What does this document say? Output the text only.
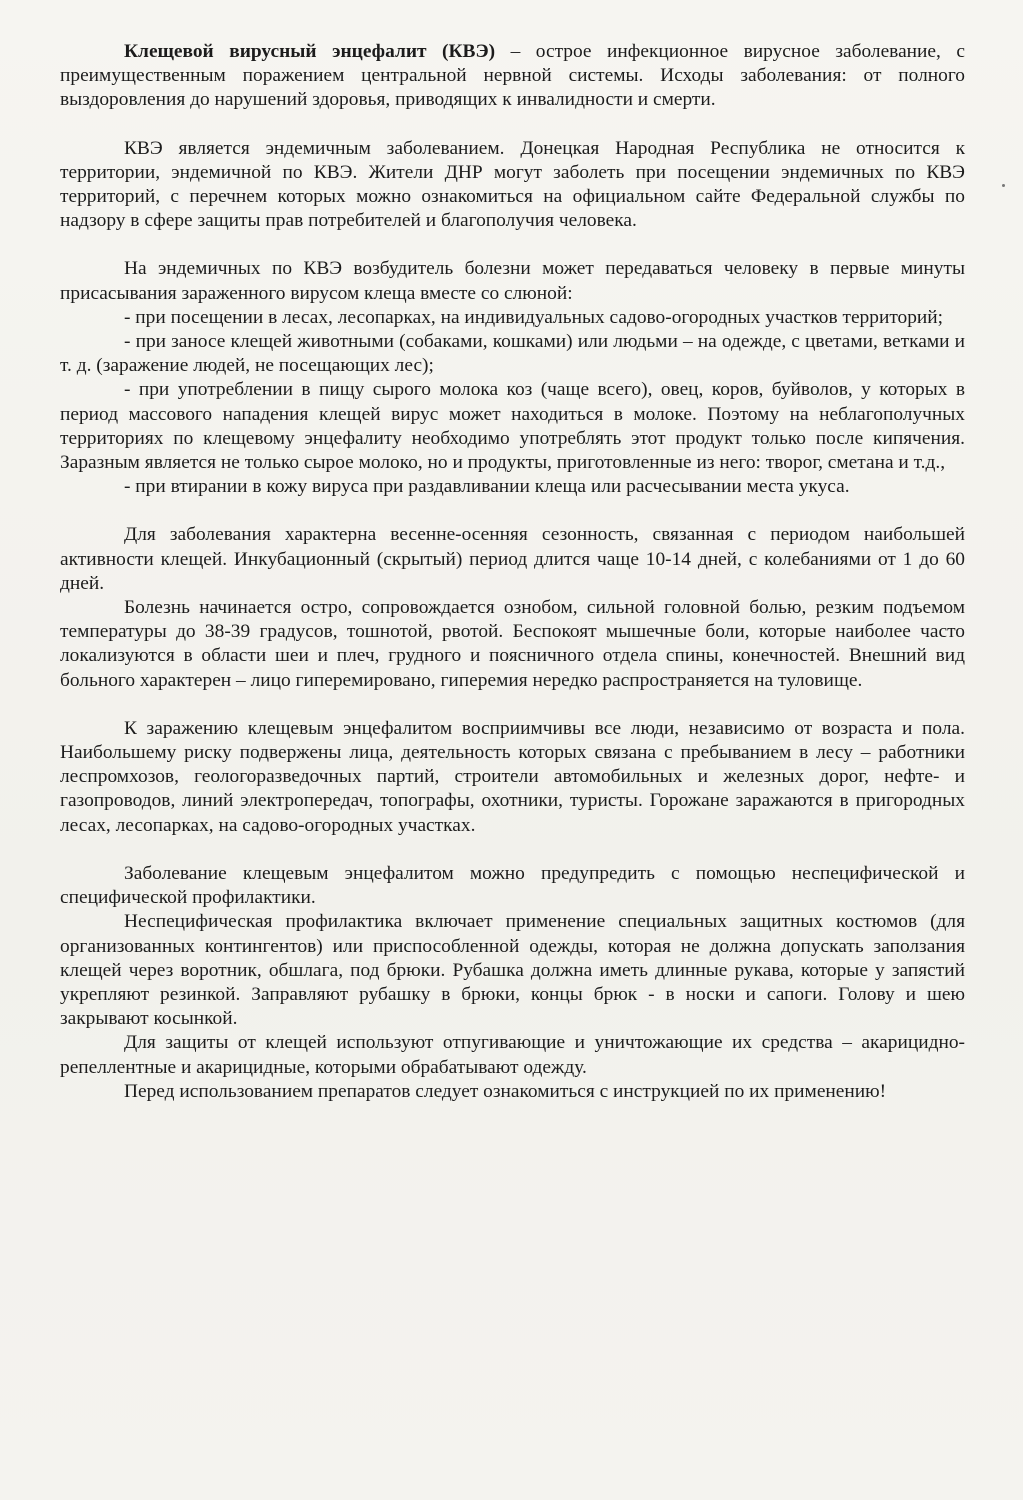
Клещевой вирусный энцефалит (КВЭ) – острое инфекционное вирусное заболевание, с преимущественным поражением центральной нервной системы. Исходы заболевания: от полного выздоровления до нарушений здоровья, приводящих к инвалидности и смерти.

КВЭ является эндемичным заболеванием. Донецкая Народная Республика не относится к территории, эндемичной по КВЭ. Жители ДНР могут заболеть при посещении эндемичных по КВЭ территорий, с перечнем которых можно ознакомиться на официальном сайте Федеральной службы по надзору в сфере защиты прав потребителей и благополучия человека.

На эндемичных по КВЭ возбудитель болезни может передаваться человеку в первые минуты присасывания зараженного вирусом клеща вместе со слюной:

- при посещении в лесах, лесопарках, на индивидуальных садово-огородных участков территорий;

- при заносе клещей животными (собаками, кошками) или людьми – на одежде, с цветами, ветками и т. д. (заражение людей, не посещающих лес);

- при употреблении в пищу сырого молока коз (чаще всего), овец, коров, буйволов, у которых в период массового нападения клещей вирус может находиться в молоке. Поэтому на неблагополучных территориях по клещевому энцефалиту необходимо употреблять этот продукт только после кипячения. Заразным является не только сырое молоко, но и продукты, приготовленные из него: творог, сметана и т.д.,

- при втирании в кожу вируса при раздавливании клеща или расчесывании места укуса.

Для заболевания характерна весенне-осенняя сезонность, связанная с периодом наибольшей активности клещей. Инкубационный (скрытый) период длится чаще 10-14 дней, с колебаниями от 1 до 60 дней.

Болезнь начинается остро, сопровождается ознобом, сильной головной болью, резким подъемом температуры до 38-39 градусов, тошнотой, рвотой. Беспокоят мышечные боли, которые наиболее часто локализуются в области шеи и плеч, грудного и поясничного отдела спины, конечностей. Внешний вид больного характерен – лицо гиперемировано, гиперемия нередко распространяется на туловище.

К заражению клещевым энцефалитом восприимчивы все люди, независимо от возраста и пола. Наибольшему риску подвержены лица, деятельность которых связана с пребыванием в лесу – работники леспромхозов, геологоразведочных партий, строители автомобильных и железных дорог, нефте- и газопроводов, линий электропередач, топографы, охотники, туристы. Горожане заражаются в пригородных лесах, лесопарках, на садово-огородных участках.

Заболевание клещевым энцефалитом можно предупредить с помощью неспецифической и специфической профилактики.

Неспецифическая профилактика включает применение специальных защитных костюмов (для организованных контингентов) или приспособленной одежды, которая не должна допускать заползания клещей через воротник, обшлага, под брюки. Рубашка должна иметь длинные рукава, которые у запястий укрепляют резинкой. Заправляют рубашку в брюки, концы брюк - в носки и сапоги. Голову и шею закрывают косынкой.

Для защиты от клещей используют отпугивающие и уничтожающие их средства – акарицидно-репеллентные и акарицидные, которыми обрабатывают одежду.

Перед использованием препаратов следует ознакомиться с инструкцией по их применению!
